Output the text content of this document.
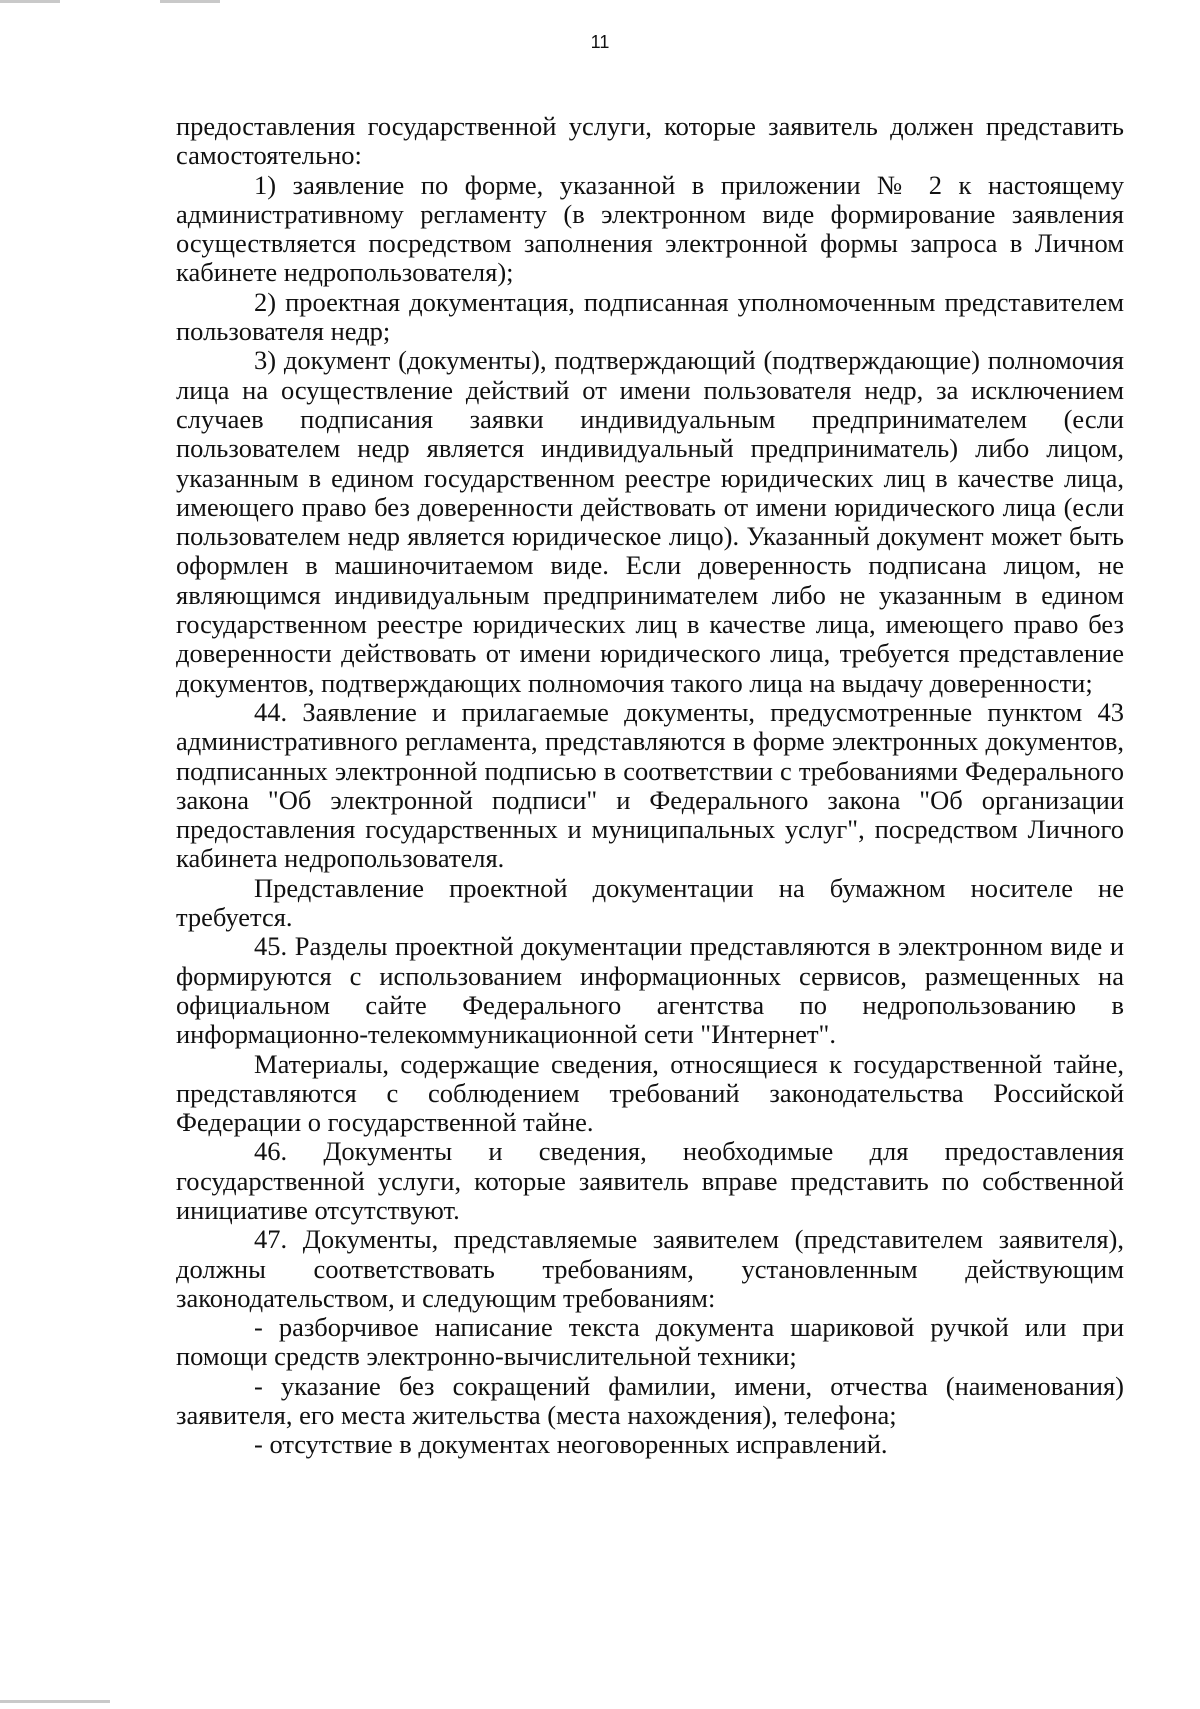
11

предоставления государственной услуги, которые заявитель должен представить самостоятельно:

1) заявление по форме, указанной в приложении № 2 к настоящему административному регламенту (в электронном виде формирование заявления осуществляется посредством заполнения электронной формы запроса в Личном кабинете недропользователя);

2) проектная документация, подписанная уполномоченным представителем пользователя недр;

3) документ (документы), подтверждающий (подтверждающие) полномочия лица на осуществление действий от имени пользователя недр, за исключением случаев подписания заявки индивидуальным предпринимателем (если пользователем недр является индивидуальный предприниматель) либо лицом, указанным в едином государственном реестре юридических лиц в качестве лица, имеющего право без доверенности действовать от имени юридического лица (если пользователем недр является юридическое лицо). Указанный документ может быть оформлен в машиночитаемом виде. Если доверенность подписана лицом, не являющимся индивидуальным предпринимателем либо не указанным в едином государственном реестре юридических лиц в качестве лица, имеющего право без доверенности действовать от имени юридического лица, требуется представление документов, подтверждающих полномочия такого лица на выдачу доверенности;

44. Заявление и прилагаемые документы, предусмотренные пунктом 43 административного регламента, представляются в форме электронных документов, подписанных электронной подписью в соответствии с требованиями Федерального закона "Об электронной подписи" и Федерального закона "Об организации предоставления государственных и муниципальных услуг", посредством Личного кабинета недропользователя.

Представление проектной документации на бумажном носителе не требуется.

45. Разделы проектной документации представляются в электронном виде и формируются с использованием информационных сервисов, размещенных на официальном сайте Федерального агентства по недропользованию в информационно-телекоммуникационной сети "Интернет".

Материалы, содержащие сведения, относящиеся к государственной тайне, представляются с соблюдением требований законодательства Российской Федерации о государственной тайне.

46. Документы и сведения, необходимые для предоставления государственной услуги, которые заявитель вправе представить по собственной инициативе отсутствуют.

47. Документы, представляемые заявителем (представителем заявителя), должны соответствовать требованиям, установленным действующим законодательством, и следующим требованиям:

- разборчивое написание текста документа шариковой ручкой или при помощи средств электронно-вычислительной техники;

- указание без сокращений фамилии, имени, отчества (наименования) заявителя, его места жительства (места нахождения), телефона;

- отсутствие в документах неоговоренных исправлений.
